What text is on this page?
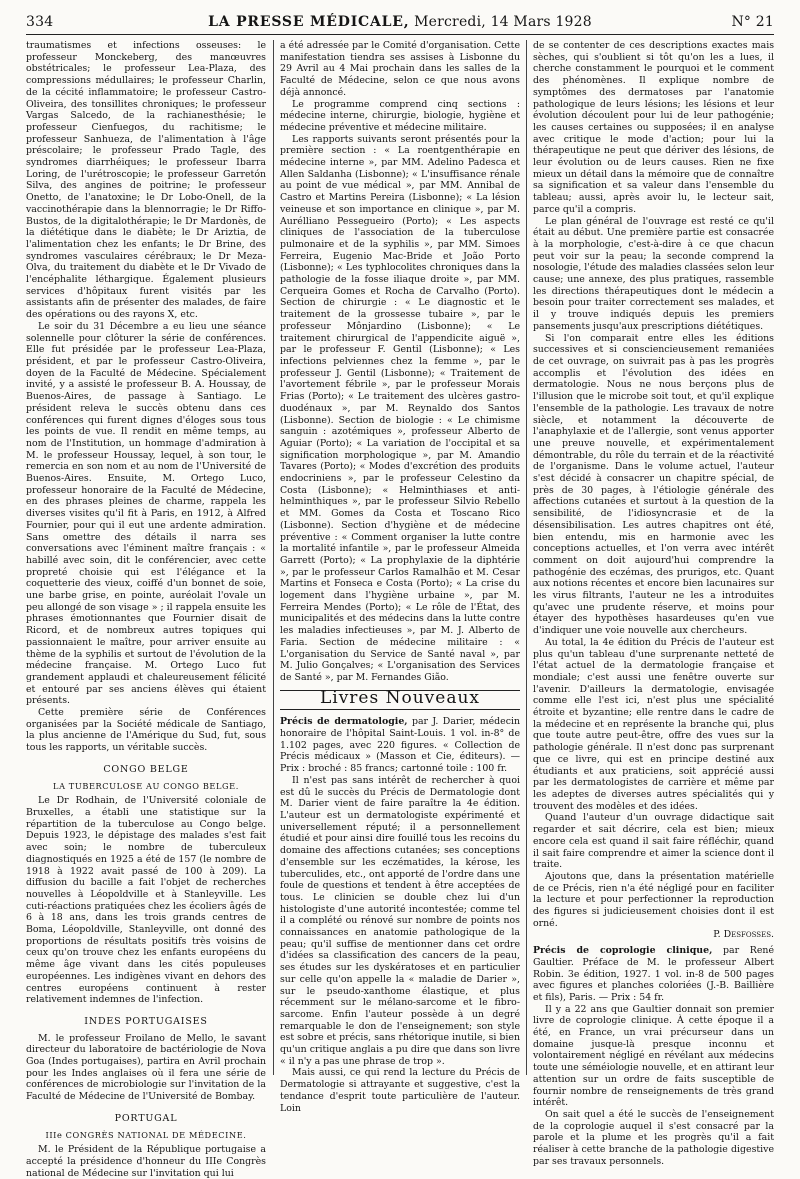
334	LA PRESSE MÉDICALE, Mercredi, 14 Mars 1928	N° 21

traumatismes et infections osseuses: le professeur Monckeberg, des manœuvres obstétricales; le professeur Lea-Plaza, des compressions médullaires; le professeur Charlin, de la cécité inflammatoire; le professeur Castro-Oliveira, des tonsillites chroniques; le professeur Vargas Salcedo, de la rachianesthésie; le professeur Cienfuegos, du rachitisme; le professeur Sanhueza, de l'alimentation à l'âge préscolaire; le professeur Prado Tagle, des syndromes diarrhéiques; le professeur Ibarra Loring, de l'urétroscopie; le professeur Garretón Silva, des angines de poitrine; le professeur Onetto, de l'anatoxine; le Dr Lobo-Onell, de la vaccinothérapie dans la blennorragie; le Dr Riffo-Bustos, de la digitalothérapie; le Dr Mardonès, de la diététique dans le diabète; le Dr Ariztia, de l'alimentation chez les enfants; le Dr Brine, des syndromes vasculaires cérébraux; le Dr Meza-Olva, du traitement du diabète et le Dr Vivado de l'encéphalite léthargique. Également plusieurs services d'hôpitaux furent visités par les assistants afin de présenter des malades, de faire des opérations ou des rayons X, etc.

Le soir du 31 Décembre a eu lieu une séance solennelle pour clôturer la série de conférences. Elle fut présidée par le professeur Lea-Plaza, président, et par le professeur Castro-Oliveira, doyen de la Faculté de Médecine. Spécialement invité, y a assisté le professeur B. A. Houssay, de Buenos-Aires, de passage à Santiago. Le président releva le succès obtenu dans ces conférences qui furent dignes d'éloges sous tous les points de vue. Il rendit en même temps, au nom de l'Institution, un hommage d'admiration à M. le professeur Houssay, lequel, à son tour, le remercia en son nom et au nom de l'Université de Buenos-Aires. Ensuite, M. Ortego Luco, professeur honoraire de la Faculté de Médecine, en des phrases pleines de charme, rappela les diverses visites qu'il fit à Paris, en 1912, à Alfred Fournier, pour qui il eut une ardente admiration. Sans omettre des détails il narra ses conversations avec l'éminent maître français : « habillé avec soin, dit le conférencier, avec cette propreté choisie qui est l'élégance et la coquetterie des vieux, coiffé d'un bonnet de soie, une barbe grise, en pointe, auréolait l'ovale un peu allongé de son visage » ; il rappela ensuite les phrases émotionnantes que Fournier disait de Ricord, et de nombreux autres topiques qui passionnaient le maître, pour arriver ensuite au thème de la syphilis et surtout de l'évolution de la médecine française. M. Ortego Luco fut grandement applaudi et chaleureusement félicité et entouré par ses anciens élèves qui étaient présents.

Cette première série de Conférences organisées par la Société médicale de Santiago, la plus ancienne de l'Amérique du Sud, fut, sous tous les rapports, un véritable succès.

CONGO BELGE
LA TUBERCULOSE AU CONGO BELGE.

Le Dr Rodhain, de l'Université coloniale de Bruxelles, a établi une statistique sur la répartition de la tuberculose au Congo belge. Depuis 1923, le dépistage des malades s'est fait avec soin; le nombre de tuberculeux diagnostiqués en 1925 a été de 157 (le nombre de 1918 à 1922 avait passé de 100 à 209). La diffusion du bacille a fait l'objet de recherches nouvelles à Léopoldville et à Stanleyville. Les cuti-réactions pratiquées chez les écoliers âgés de 6 à 18 ans, dans les trois grands centres de Boma, Léopoldville, Stanleyville, ont donné des proportions de résultats positifs très voisins de ceux qu'on trouve chez les enfants européens du même âge vivant dans les cités populeuses européennes. Les indigènes vivant en dehors des centres européens continuent à rester relativement indemnes de l'infection.

INDES PORTUGAISES

M. le professeur Froilano de Mello, le savant directeur du laboratoire de bactériologie de Nova Goa (Indes portugaises), partira en Avril prochain pour les Indes anglaises où il fera une série de conférences de microbiologie sur l'invitation de la Faculté de Médecine de l'Université de Bombay.

PORTUGAL
IIIe CONGRÈS NATIONAL DE MÉDECINE.

M. le Président de la République portugaise a accepté la présidence d'honneur du IIIe Congrès national de Médecine sur l'invitation qui lui

a été adressée par le Comité d'organisation. Cette manifestation tiendra ses assises à Lisbonne du 29 Avril au 4 Mai prochain dans les salles de la Faculté de Médecine, selon ce que nous avons déjà annoncé.

Le programme comprend cinq sections : médecine interne, chirurgie, biologie, hygiène et médecine préventive et médecine militaire.

Les rapports suivants seront présentés pour la première section : « La roentgenthérapie en médecine interne », par MM. Adelino Padesca et Allen Saldanha (Lisbonne); « L'insuffisance rénale au point de vue médical », par MM. Annibal de Castro et Martins Pereira (Lisbonne); « La lésion veineuse et son importance en clinique », par M. Aurélliano Pessegueiro (Porto); « Les aspects cliniques de l'association de la tuberculose pulmonaire et de la syphilis », par MM. Simoes Ferreira, Eugenio Mac-Bride et João Porto (Lisbonne); « Les typhlocolites chroniques dans la pathologie de la fosse iliaque droite », par MM. Cerqueira Gomes et Rocha de Carvalho (Porto). Section de chirurgie : « Le diagnostic et le traitement de la grossesse tubaire », par le professeur Mônjardino (Lisbonne); « Le traitement chirurgical de l'appendicite aiguë », par le professeur F. Gentil (Lisbonne); « Les infections pelviennes chez la femme », par le professeur J. Gentil (Lisbonne); « Traitement de l'avortement fébrile », par le professeur Morais Frias (Porto); « Le traitement des ulcères gastro-duodénaux », par M. Reynaldo dos Santos (Lisbonne). Section de biologie : « Le chimisme sanguin : azotémiques », professeur Alberto de Aguiar (Porto); « La variation de l'occipital et sa signification morphologique », par M. Amandio Tavares (Porto); « Modes d'excrétion des produits endocriniens », par le professeur Celestino da Costa (Lisbonne); « Helminthiases et anti-helminthiques », par le professeur Silvio Rebello et MM. Gomes da Costa et Toscano Rico (Lisbonne). Section d'hygiène et de médecine préventive : « Comment organiser la lutte contre la mortalité infantile », par le professeur Almeida Garrett (Porto); « La prophylaxie de la diphtérie », par le professeur Carlos Ramalhão et M. Cesar Martins et Fonseca e Costa (Porto); « La crise du logement dans l'hygiène urbaine », par M. Ferreira Mendes (Porto); « Le rôle de l'État, des municipalités et des médecins dans la lutte contre les maladies infectieuses », par M. J. Alberto de Faria. Section de médecine militaire : « L'organisation du Service de Santé naval », par M. Julio Gonçalves; « L'organisation des Services de Santé », par M. Fernandes Gião.

Livres Nouveaux

Précis de dermatologie, par J. Darier, médecin honoraire de l'hôpital Saint-Louis. 1 vol. in-8° de 1.102 pages, avec 220 figures. « Collection de Précis médicaux » (Masson et Cie, éditeurs). — Prix : broché : 85 francs; cartonné toile : 100 fr.

Il n'est pas sans intérêt de rechercher à quoi est dû le succès du Précis de Dermatologie dont M. Darier vient de faire paraître la 4e édition. L'auteur est un dermatologiste expérimenté et universellement réputé; il a personnellement étudié et pour ainsi dire fouillé tous les recoins du domaine des affections cutanées; ses conceptions d'ensemble sur les eczématides, la kérose, les tuberculides, etc., ont apporté de l'ordre dans une foule de questions et tendent à être acceptées de tous. Le clinicien se double chez lui d'un histologiste d'une autorité incontestée; comme tel il a complété ou rénové sur nombre de points nos connaissances en anatomie pathologique de la peau; qu'il suffise de mentionner dans cet ordre d'idées sa classification des cancers de la peau, ses études sur les dyskératoses et en particulier sur celle qu'on appelle la « maladie de Darier », sur le pseudo-xanthome élastique, et plus récemment sur le mélano-sarcome et le fibro-sarcome. Enfin l'auteur possède à un degré remarquable le don de l'enseignement; son style est sobre et précis, sans rhétorique inutile, si bien qu'un critique anglais a pu dire que dans son livre « il n'y a pas une phrase de trop ».

Mais aussi, ce qui rend la lecture du Précis de Dermatologie si attrayante et suggestive, c'est la tendance d'esprit toute particulière de l'auteur. Loin

de se contenter de ces descriptions exactes mais sèches, qui s'oublient si tôt qu'on les a lues, il cherche constamment le pourquoi et le comment des phénomènes. Il explique nombre de symptômes des dermatoses par l'anatomie pathologique de leurs lésions; les lésions et leur évolution découlent pour lui de leur pathogénie; les causes certaines ou supposées; il en analyse avec critique le mode d'action; pour lui la thérapeutique ne peut que dériver des lésions, de leur évolution ou de leurs causes. Rien ne fixe mieux un détail dans la mémoire que de connaître sa signification et sa valeur dans l'ensemble du tableau; aussi, après avoir lu, le lecteur sait, parce qu'il a compris.

Le plan général de l'ouvrage est resté ce qu'il était au début. Une première partie est consacrée à la morphologie, c'est-à-dire à ce que chacun peut voir sur la peau; la seconde comprend la nosologie, l'étude des maladies classées selon leur cause; une annexe, des plus pratiques, rassemble les directions thérapeutiques dont le médecin a besoin pour traiter correctement ses malades, et il y trouve indiqués depuis les premiers pansements jusqu'aux prescriptions diététiques.

Si l'on comparait entre elles les éditions successives et si consciencieusement remaniées de cet ouvrage, on suivrait pas à pas les progrès accomplis et l'évolution des idées en dermatologie. Nous ne nous berçons plus de l'illusion que le microbe soit tout, et qu'il explique l'ensemble de la pathologie. Les travaux de notre siècle, et notamment la découverte de l'anaphylaxie et de l'allergie, sont venus apporter une preuve nouvelle, et expérimentalement démontrable, du rôle du terrain et de la réactivité de l'organisme. Dans le volume actuel, l'auteur s'est décidé à consacrer un chapitre spécial, de près de 30 pages, à l'étiologie générale des affections cutanées et surtout à la question de la sensibilité, de l'idiosyncrasie et de la désensibilisation. Les autres chapitres ont été, bien entendu, mis en harmonie avec les conceptions actuelles, et l'on verra avec intérêt comment on doit aujourd'hui comprendre la pathogénie des eczémas, des prurigos, etc. Quant aux notions récentes et encore bien lacunaires sur les virus filtrants, l'auteur ne les a introduites qu'avec une prudente réserve, et moins pour étayer des hypothèses hasardeuses qu'en vue d'indiquer une voie nouvelle aux chercheurs.

Au total, la 4e édition du Précis de l'auteur est plus qu'un tableau d'une surprenante netteté de l'état actuel de la dermatologie française et mondiale; c'est aussi une fenêtre ouverte sur l'avenir. D'ailleurs la dermatologie, envisagée comme elle l'est ici, n'est plus une spécialité étroite et byzantine; elle rentre dans le cadre de la médecine et en représente la branche qui, plus que toute autre peut-être, offre des vues sur la pathologie générale. Il n'est donc pas surprenant que ce livre, qui est en principe destiné aux étudiants et aux praticiens, soit apprécié aussi par les dermatologistes de carrière et même par les adeptes de diverses autres spécialités qui y trouvent des modèles et des idées.

Quand l'auteur d'un ouvrage didactique sait regarder et sait décrire, cela est bien; mieux encore cela est quand il sait faire réfléchir, quand il sait faire comprendre et aimer la science dont il traite.

Ajoutons que, dans la présentation matérielle de ce Précis, rien n'a été négligé pour en faciliter la lecture et pour perfectionner la reproduction des figures si judicieusement choisies dont il est orné.

P. Desfosses.

Précis de coprologie clinique, par René Gaultier. Préface de M. le professeur Albert Robin. 3e édition, 1927. 1 vol. in-8 de 500 pages avec figures et planches coloriées (J.-B. Baillière et fils), Paris. — Prix : 54 fr.

Il y a 22 ans que Gaultier donnait son premier livre de coprologie clinique. À cette époque il a été, en France, un vrai précurseur dans un domaine jusque-là presque inconnu et volontairement négligé en révélant aux médecins toute une séméiologie nouvelle, et en attirant leur attention sur un ordre de faits susceptible de fournir nombre de renseignements de très grand intérêt.

On sait quel a été le succès de l'enseignement de la coprologie auquel il s'est consacré par la parole et la plume et les progrès qu'il a fait réaliser à cette branche de la pathologie digestive par ses travaux personnels.
